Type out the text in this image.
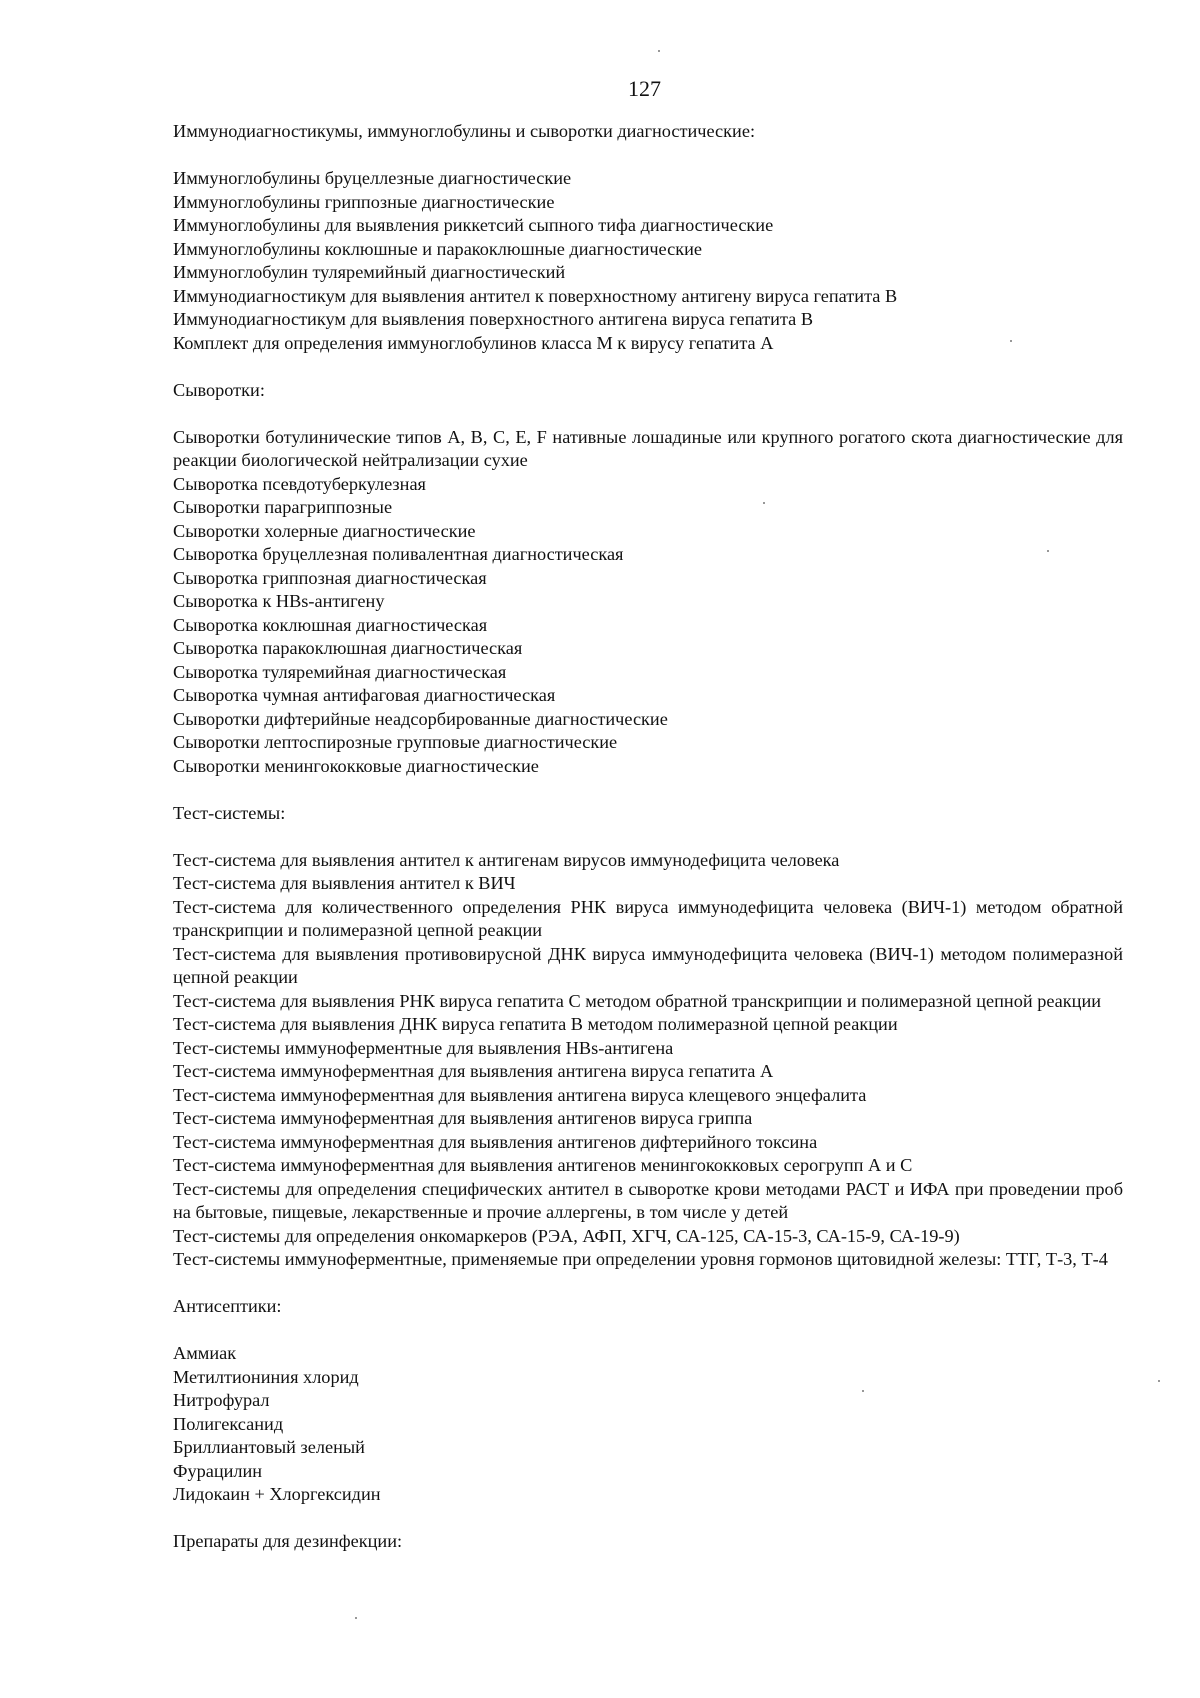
127

Иммунодиагностикумы, иммуноглобулины и сыворотки диагностические:

Иммуноглобулины бруцеллезные диагностические
Иммуноглобулины гриппозные диагностические
Иммуноглобулины для выявления риккетсий сыпного тифа диагностические
Иммуноглобулины коклюшные и паракоклюшные диагностические
Иммуноглобулин туляремийный диагностический
Иммунодиагностикум для выявления антител к поверхностному антигену вируса гепатита В
Иммунодиагностикум для выявления поверхностного антигена вируса гепатита В
Комплект для определения иммуноглобулинов класса М к вирусу гепатита А

Сыворотки:

Сыворотки ботулинические типов А, В, С, Е, F нативные лошадиные или крупного рогатого скота диагностические для реакции биологической нейтрализации сухие
Сыворотка псевдотуберкулезная
Сыворотки парагриппозные
Сыворотки холерные диагностические
Сыворотка бруцеллезная поливалентная диагностическая
Сыворотка гриппозная диагностическая
Сыворотка к HBs-антигену
Сыворотка коклюшная диагностическая
Сыворотка паракоклюшная диагностическая
Сыворотка туляремийная диагностическая
Сыворотка чумная антифаговая диагностическая
Сыворотки дифтерийные неадсорбированные диагностические
Сыворотки лептоспирозные групповые диагностические
Сыворотки менингококковые диагностические

Тест-системы:

Тест-система для выявления антител к антигенам вирусов иммунодефицита человека
Тест-система для выявления антител к ВИЧ
Тест-система для количественного определения РНК вируса иммунодефицита человека (ВИЧ-1) методом обратной транскрипции и полимеразной цепной реакции
Тест-система для выявления противовирусной ДНК вируса иммунодефицита человека (ВИЧ-1) методом полимеразной цепной реакции
Тест-система для выявления РНК вируса гепатита С методом обратной транскрипции и полимеразной цепной реакции
Тест-система для выявления ДНК вируса гепатита В методом полимеразной цепной реакции
Тест-системы иммуноферментные для выявления HBs-антигена
Тест-система иммуноферментная для выявления антигена вируса гепатита А
Тест-система иммуноферментная для выявления антигена вируса клещевого энцефалита
Тест-система иммуноферментная для выявления антигенов вируса гриппа
Тест-система иммуноферментная для выявления антигенов дифтерийного токсина
Тест-система иммуноферментная для выявления антигенов менингококковых серогрупп А и С
Тест-системы для определения специфических антител в сыворотке крови методами РАСТ и ИФА при проведении проб на бытовые, пищевые, лекарственные и прочие аллергены, в том числе у детей
Тест-системы для определения онкомаркеров (РЭА, АФП, ХГЧ, СА-125, СА-15-3, СА-15-9, СА-19-9)
Тест-системы иммуноферментные, применяемые при определении уровня гормонов щитовидной железы: ТТГ, Т-3, Т-4

Антисептики:

Аммиак
Метилтиониния хлорид
Нитрофурал
Полигексанид
Бриллиантовый зеленый
Фурацилин
Лидокаин + Хлоргексидин

Препараты для дезинфекции:
